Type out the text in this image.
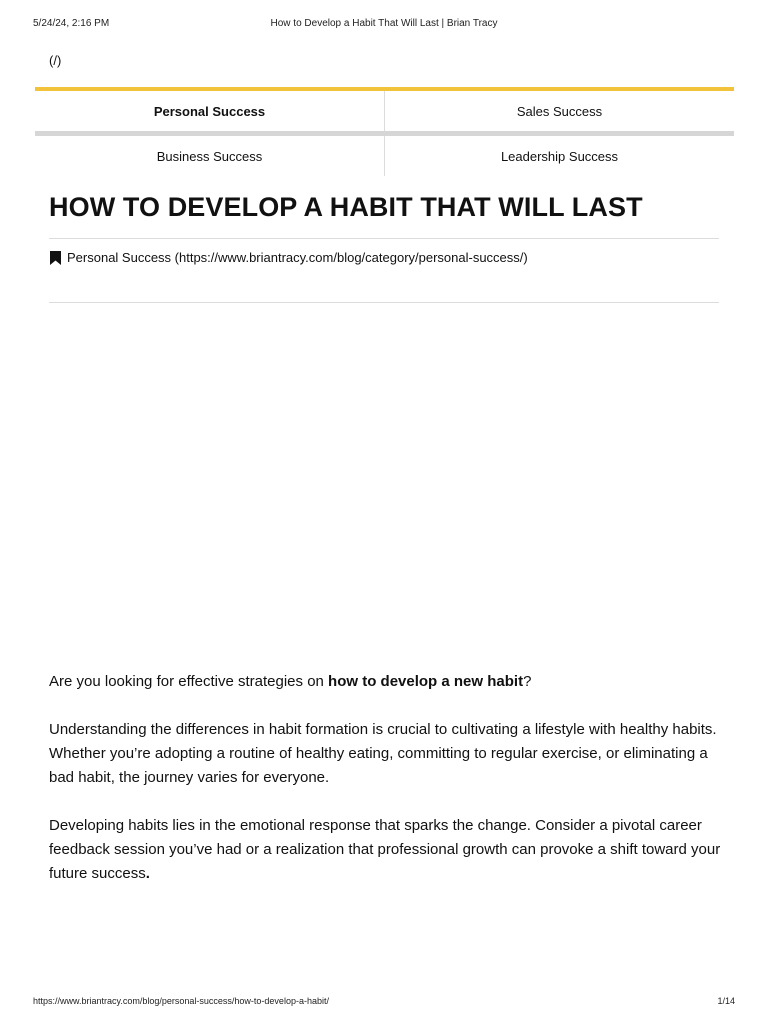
5/24/24, 2:16 PM	How to Develop a Habit That Will Last | Brian Tracy
(/)
Personal Success	Sales Success
Business Success	Leadership Success
HOW TO DEVELOP A HABIT THAT WILL LAST
Personal Success (https://www.briantracy.com/blog/category/personal-success/)

Are you looking for effective strategies on how to develop a new habit?

Understanding the differences in habit formation is crucial to cultivating a lifestyle with healthy habits. Whether you’re adopting a routine of healthy eating, committing to regular exercise, or eliminating a bad habit, the journey varies for everyone.

Developing habits lies in the emotional response that sparks the change. Consider a pivotal career feedback session you’ve had or a realization that professional growth can provoke a shift toward your future success.

https://www.briantracy.com/blog/personal-success/how-to-develop-a-habit/	1/14
